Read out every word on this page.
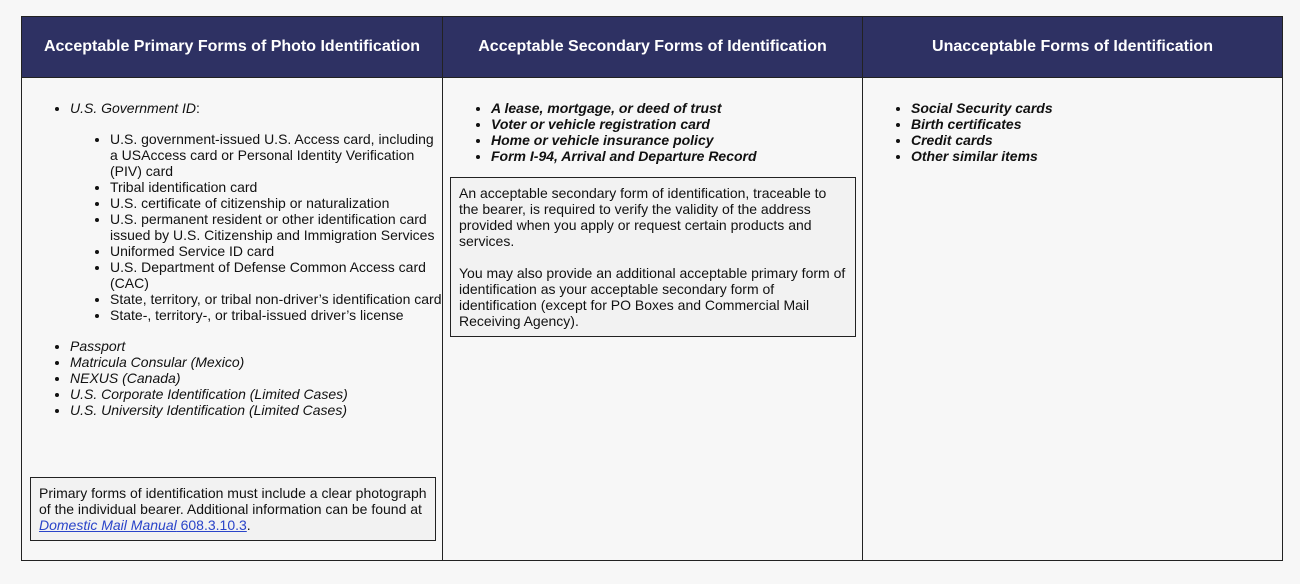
Acceptable Primary Forms of Photo Identification	Acceptable Secondary Forms of Identification	Unacceptable Forms of Identification
• U.S. Government ID:
• U.S. government-issued U.S. Access card, including a USAccess card or Personal Identity Verification (PIV) card
• Tribal identification card
• U.S. certificate of citizenship or naturalization
• U.S. permanent resident or other identification card issued by U.S. Citizenship and Immigration Services
• Uniformed Service ID card
• U.S. Department of Defense Common Access card (CAC)
• State, territory, or tribal non-driver’s identification card
• State-, territory-, or tribal-issued driver’s license
• Passport
• Matricula Consular (Mexico)
• NEXUS (Canada)
• U.S. Corporate Identification (Limited Cases)
• U.S. University Identification (Limited Cases)
Primary forms of identification must include a clear photograph of the individual bearer. Additional information can be found at Domestic Mail Manual 608.3.10.3.
• A lease, mortgage, or deed of trust
• Voter or vehicle registration card
• Home or vehicle insurance policy
• Form I-94, Arrival and Departure Record

An acceptable secondary form of identification, traceable to the bearer, is required to verify the validity of the address provided when you apply or request certain products and services.

You may also provide an additional acceptable primary form of identification as your acceptable secondary form of identification (except for PO Boxes and Commercial Mail Receiving Agency).

• Social Security cards
• Birth certificates
• Credit cards
• Other similar items
